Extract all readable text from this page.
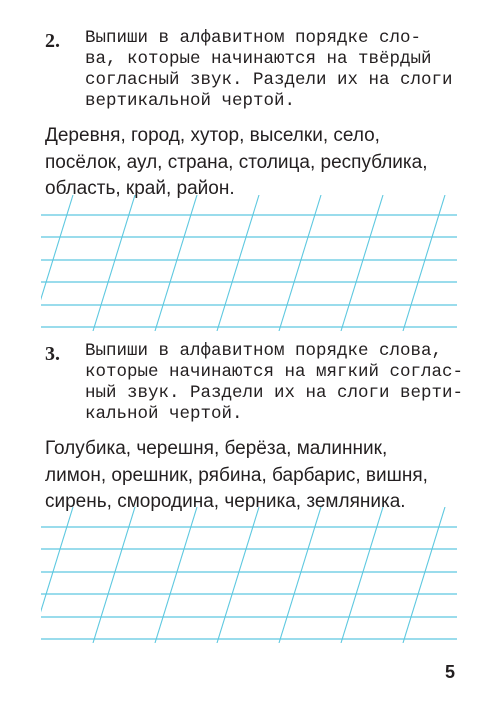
2. Выпиши в алфавитном порядке сло-
ва, которые начинаются на твёрдый
согласный звук. Раздели их на слоги
вертикальной чертой.
Деревня, город, хутор, выселки, село,
посёлок, аул, страна, столица, республика,
область, край, район.
3. Выпиши в алфавитном порядке слова,
которые начинаются на мягкий соглас-
ный звук. Раздели их на слоги верти-
кальной чертой.
Голубика, черешня, берёза, малинник,
лимон, орешник, рябина, барбарис, вишня,
сирень, смородина, черника, земляника.
5
